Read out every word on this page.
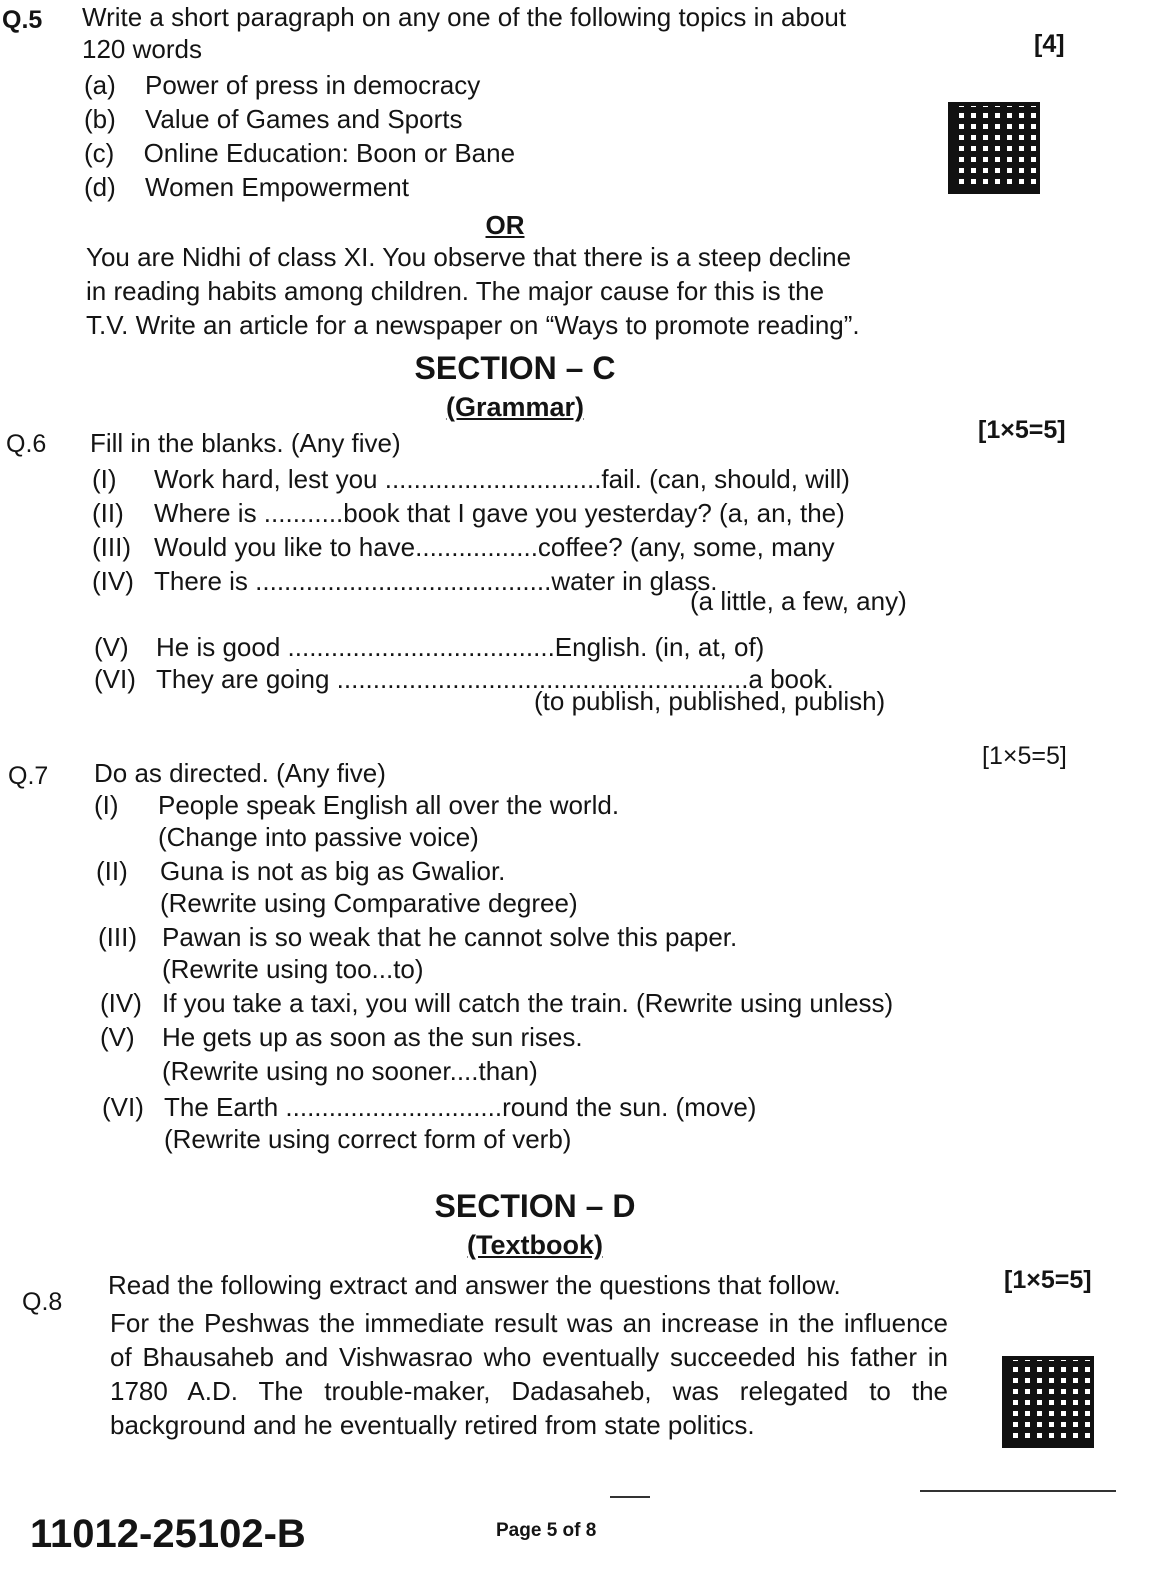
Q.5 Write a short paragraph on any one of the following topics in about
120 words	[4]
(a) Power of press in democracy
(b) Value of Games and Sports
(c) Online Education: Boon or Bane
(d) Women Empowerment
OR
You are Nidhi of class XI. You observe that there is a steep decline
in reading habits among children. The major cause for this is the
T.V. Write an article for a newspaper on “Ways to promote reading”.
SECTION – C
(Grammar)
Q.6 Fill in the blanks. (Any five)	[1×5=5]
(I) Work hard, lest you ..............................fail. (can, should, will)
(II) Where is ...........book that I gave you yesterday? (a, an, the)
(III) Would you like to have.................coffee? (any, some, many
(IV) There is .........................................water in glass.
(a little, a few, any)
(V) He is good .....................................English. (in, at, of)
(VI) They are going .........................................................a book.
(to publish, published, publish)
Q.7 Do as directed. (Any five)
[1×5=5]
(I) People speak English all over the world.
(Change into passive voice)
(II) Guna is not as big as Gwalior.
(Rewrite using Comparative degree)
(III) Pawan is so weak that he cannot solve this paper.
(Rewrite using too...to)
(IV) If you take a taxi, you will catch the train. (Rewrite using unless)
(V) He gets up as soon as the sun rises.
(Rewrite using no sooner....than)
(VI) The Earth ..............................round the sun. (move)
(Rewrite using correct form of verb)
SECTION – D
(Textbook)
Q.8
Read the following extract and answer the questions that follow.	[1×5=5]
For the Peshwas the immediate result was an increase in the influence of Bhausaheb and Vishwasrao who eventually succeeded his father in 1780 A.D. The trouble-maker, Dadasaheb, was relegated to the background and he eventually retired from state politics.
11012-25102-B	Page 5 of 8
